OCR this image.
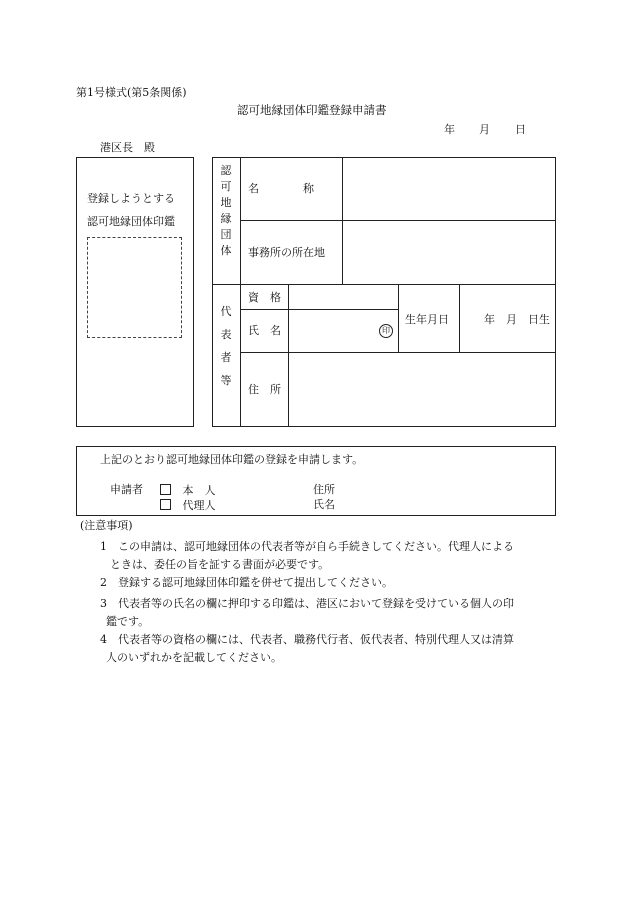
第1号様式(第5条関係)
認可地縁団体印鑑登録申請書
年 月 日
港区長　殿
登録しようとする
認可地縁団体印鑑
認
可
地
縁
団
体
名　　　　称
事務所の所在地
代
表
者
等
資　格
氏　名	印
生年月日	年　月　日生
住　所
上記のとおり認可地縁団体印鑑の登録を申請します。
申請者	本　人
代理人
住所
氏名
(注意事項)
1 この申請は、認可地縁団体の代表者等が自ら手続きしてください。代理人による
ときは、委任の旨を証する書面が必要です。
2 登録する認可地縁団体印鑑を併せて提出してください。
3 代表者等の氏名の欄に押印する印鑑は、港区において登録を受けている個人の印
鑑です。
4 代表者等の資格の欄には、代表者、職務代行者、仮代表者、特別代理人又は清算
人のいずれかを記載してください。
